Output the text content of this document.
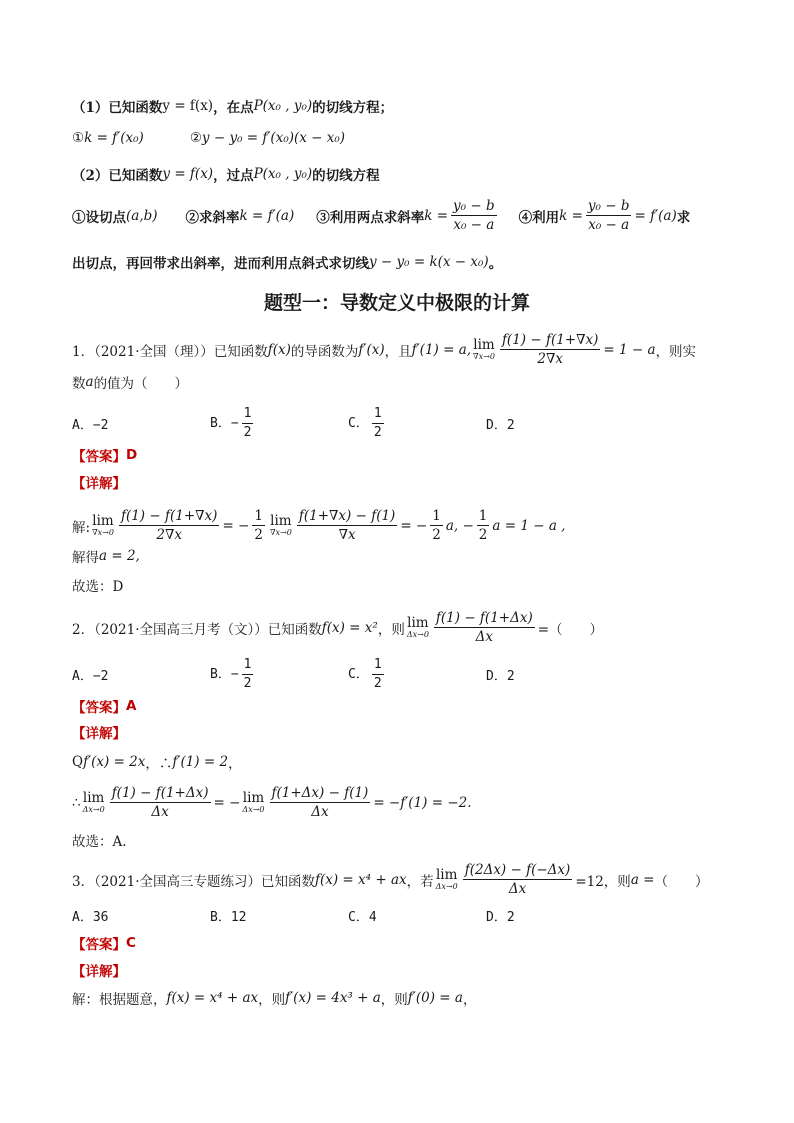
（1）已知函数 y = f(x) ，在点 P(x₀ , y₀) 的切线方程；
① k = f′(x₀)	② y − y₀ = f′(x₀)(x − x₀)
（2）已知函数 y = f(x) ，过点 P(x₀ , y₀) 的切线方程
①设切点 (a,b) ②求斜率 k = f′(a) ③利用两点求斜率 $k = \frac{\text{y₀ − b}}{\text{x₀ − a}}$ ④利用 $k = \frac{\text{y₀ − b}}{\text{x₀ − a}} = f'(a)$ 求
出切点，再回带求出斜率，进而利用点斜式求切线 y − y₀ = k(x − x₀) 。
题型一：导数定义中极限的计算
1．（2021·全国（理））已知函数 f(x) 的导函数为 f′(x) ，且 f′(1) = a, lim
$\nabla x\to 0 \frac{f(1) - f(1+\nabla x)}{2\nabla x} = 1 - a$ ，则实
数 a 的值为（　　）
A．−2	B．− $\frac{1}{2}$	C． $\frac{1}{2}$	D．2
【答案】 D
【详解】
解: lim
$\nabla x\to 0 \frac{f(1) - f(1+\nabla x)}{2\nabla x}$ = − $\frac{1}{2}$ lim
$\nabla x\to 0 \frac{f(1+\nabla x) - f(1)}{\nabla x}$ = − $\frac{1}{2} a$, − $\frac{1}{2}$ a = 1 − a ,
解得 a = 2,
故选：D
2．（2021·全国高三月考（文））已知函数 f(x) = x² ，则 lim
$\Delta x\to 0 \frac{f(1) - f(1+\Delta x)}{\Delta x}$ =（　　）
A．−2	B．− $\frac{1}{2}$	C． $\frac{1}{2}$	D．2
【答案】 A
【详解】
Q f′(x) = 2x ，∴ f′(1) = 2 ，
∴ lim
$\Delta x\to 0 \frac{f(1) - f(1+\Delta x)}{\Delta x}$ = − lim
$\Delta x\to 0 \frac{f(1+\Delta x) - f(1)}{\Delta x} = -f'(1) = -2$.
故选：A.
3．（2021·全国高三专题练习）已知函数 f(x) = x⁴ + ax ，若 lim
$\Delta x\to 0 \frac{f(2\Delta x) - f(-\Delta x)}{\Delta x} =12$，则 a = （　　）
A．36	B．12	C．4	D．2
【答案】 C
【详解】
解：根据题意， f(x) = x⁴ + ax ，则 f′(x) = 4x³ + a ，则 f′(0) = a ，
